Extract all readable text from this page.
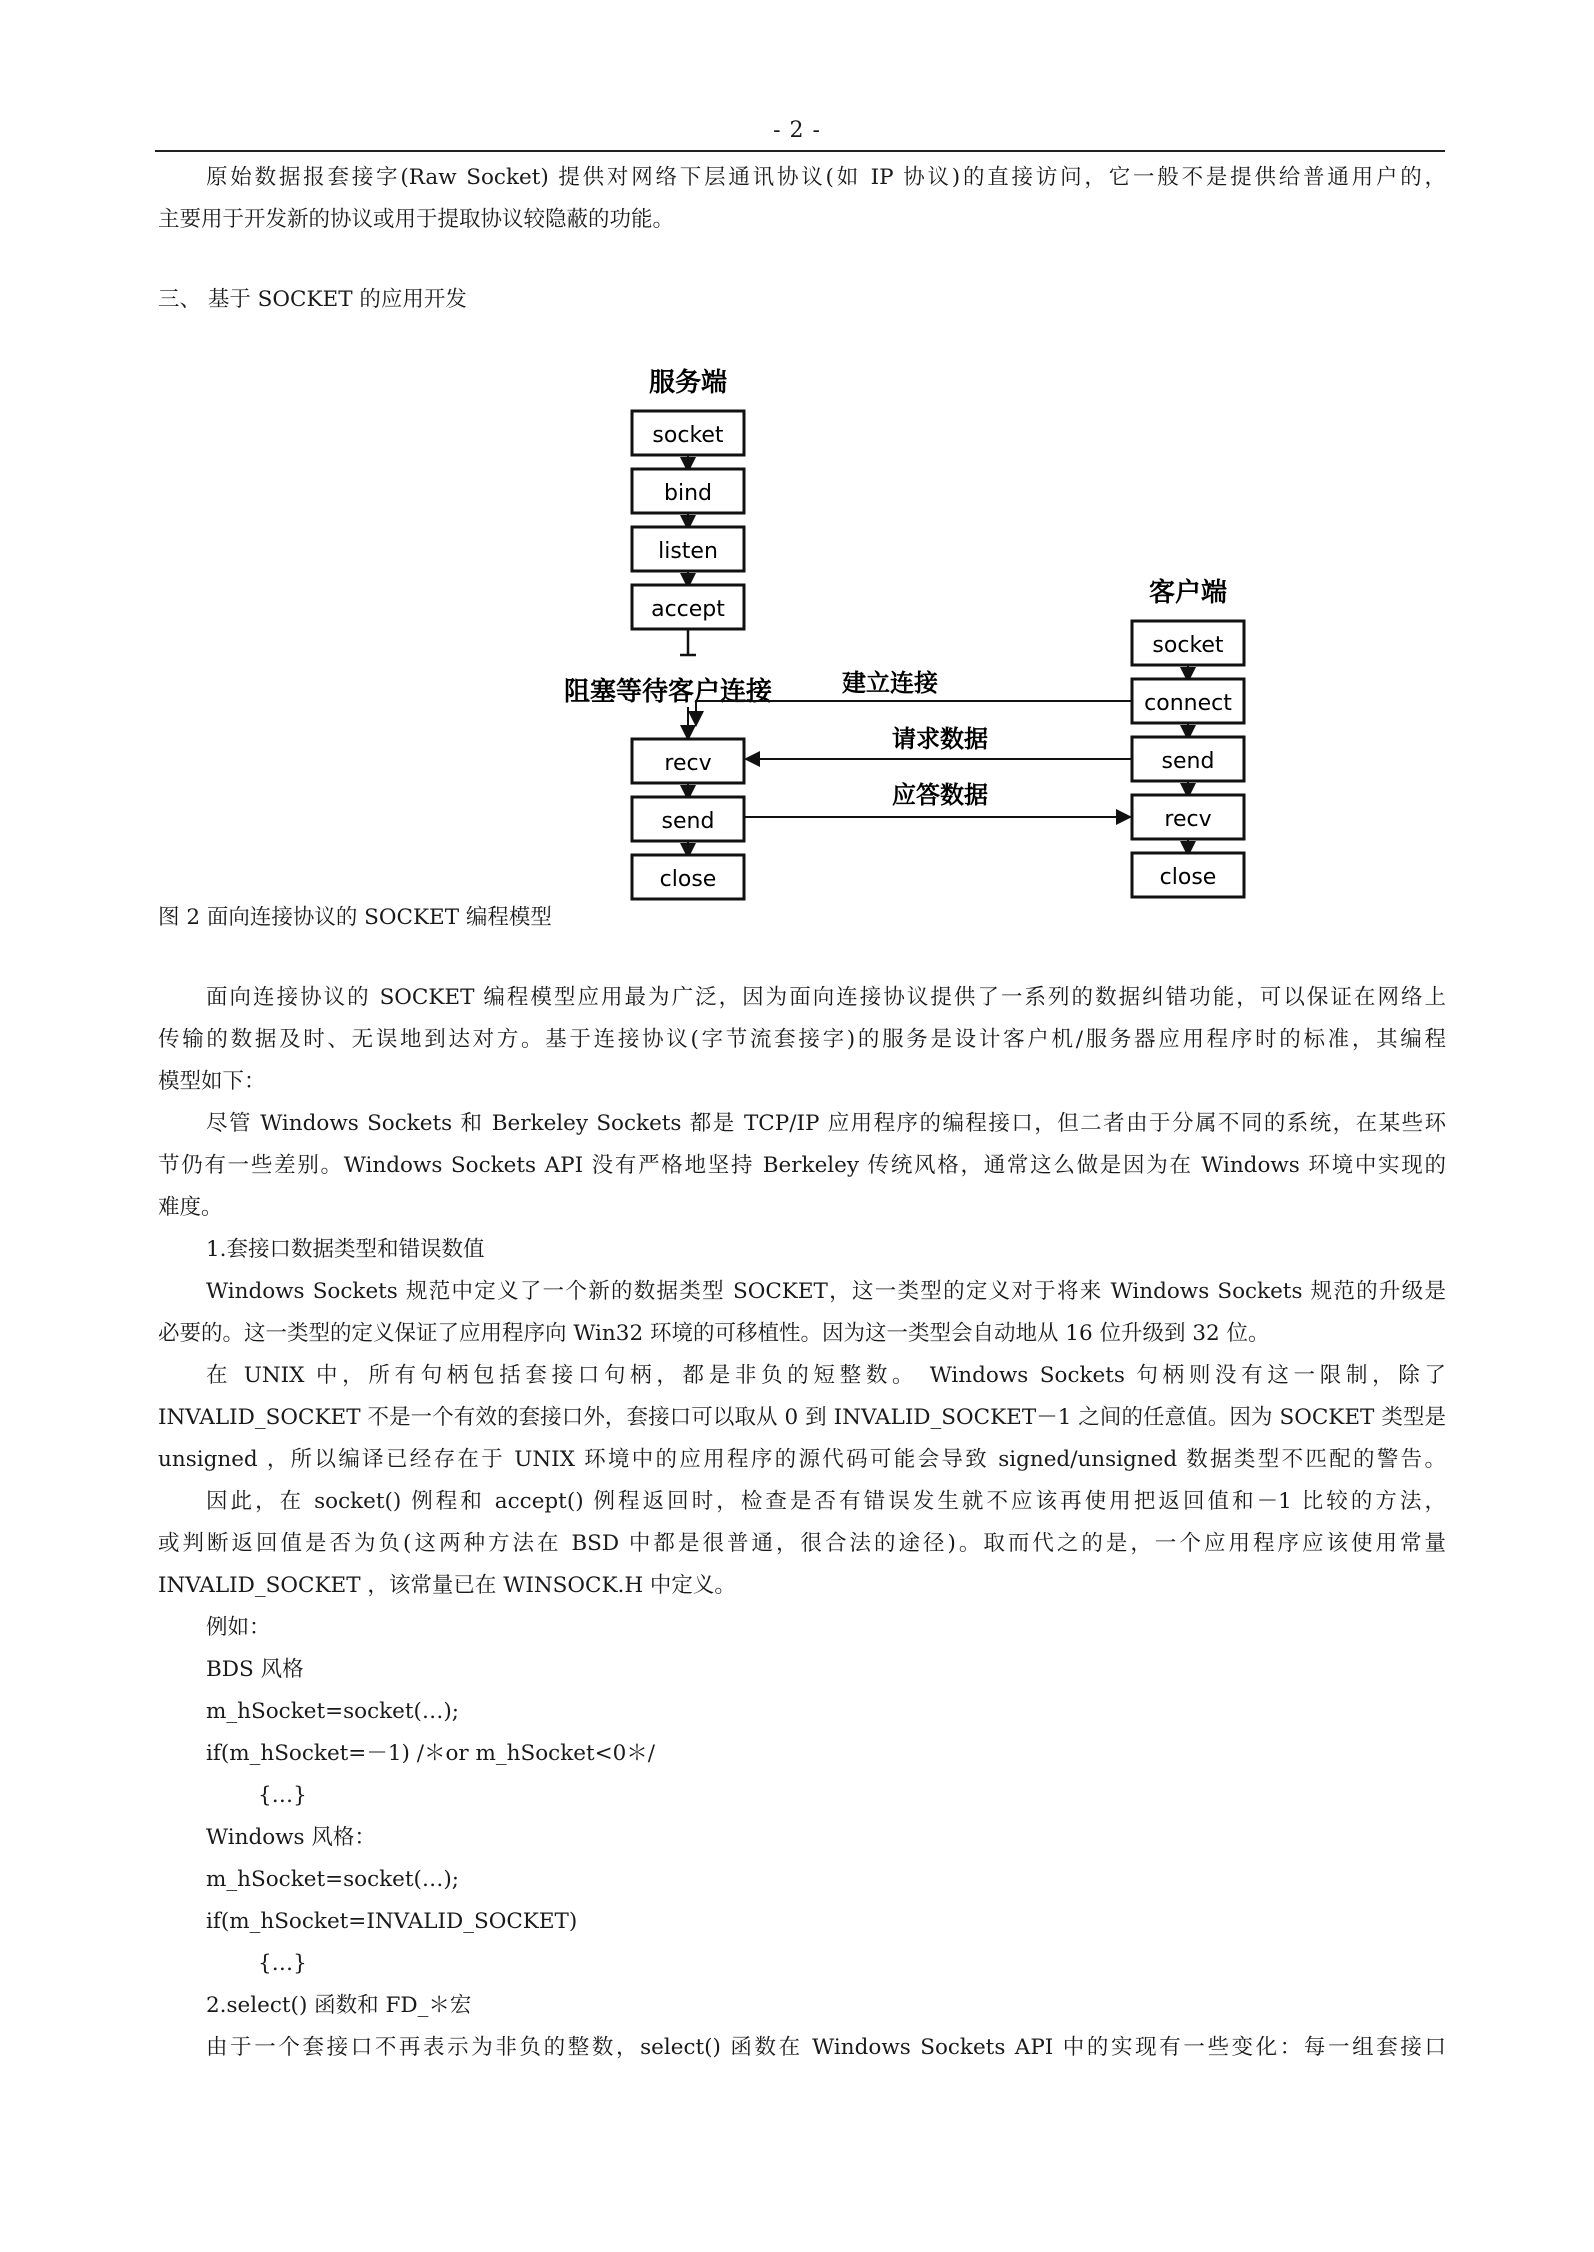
- 2 -
原始数据报套接字(Raw Socket) 提供对网络下层通讯协议(如 IP 协议)的直接访问，它一般不是提供给普通用户的，
主要用于开发新的协议或用于提取协议较隐蔽的功能。
三、 基于 SOCKET 的应用开发
服务端
socket
bind
listen
accept
阻塞等待客户连接
recv
send
close
客户端
socket
connect
send
recv
close
建立连接
请求数据
应答数据
图 2 面向连接协议的 SOCKET 编程模型
面向连接协议的 SOCKET 编程模型应用最为广泛，因为面向连接协议提供了一系列的数据纠错功能，可以保证在网络上
传输的数据及时、无误地到达对方。基于连接协议(字节流套接字)的服务是设计客户机/服务器应用程序时的标准，其编程
模型如下：
尽管 Windows Sockets 和 Berkeley Sockets 都是 TCP/IP 应用程序的编程接口，但二者由于分属不同的系统，在某些环
节仍有一些差别。Windows Sockets API 没有严格地坚持 Berkeley 传统风格，通常这么做是因为在 Windows 环境中实现的
难度。
1.套接口数据类型和错误数值
Windows Sockets 规范中定义了一个新的数据类型 SOCKET，这一类型的定义对于将来 Windows Sockets 规范的升级是
必要的。这一类型的定义保证了应用程序向 Win32 环境的可移植性。因为这一类型会自动地从 16 位升级到 32 位。
在 UNIX 中，所有句柄包括套接口句柄，都是非负的短整数。 Windows Sockets 句柄则没有这一限制，除了
INVALID_SOCKET 不是一个有效的套接口外，套接口可以取从 0 到 INVALID_SOCKET－1 之间的任意值。因为 SOCKET 类型是
unsigned ，所以编译已经存在于 UNIX 环境中的应用程序的源代码可能会导致 signed/unsigned 数据类型不匹配的警告。
因此，在 socket() 例程和 accept() 例程返回时，检查是否有错误发生就不应该再使用把返回值和－1 比较的方法，
或判断返回值是否为负(这两种方法在 BSD 中都是很普通，很合法的途径)。取而代之的是，一个应用程序应该使用常量
INVALID_SOCKET ，该常量已在 WINSOCK.H 中定义。
例如：
BDS 风格
m_hSocket=socket(…);
if(m_hSocket=－1) /＊or m_hSocket<0＊/
{…}
Windows 风格：
m_hSocket=socket(…);
if(m_hSocket=INVALID_SOCKET)
{…}
2.select() 函数和 FD_＊宏
由于一个套接口不再表示为非负的整数，select() 函数在 Windows Sockets API 中的实现有一些变化：每一组套接口
